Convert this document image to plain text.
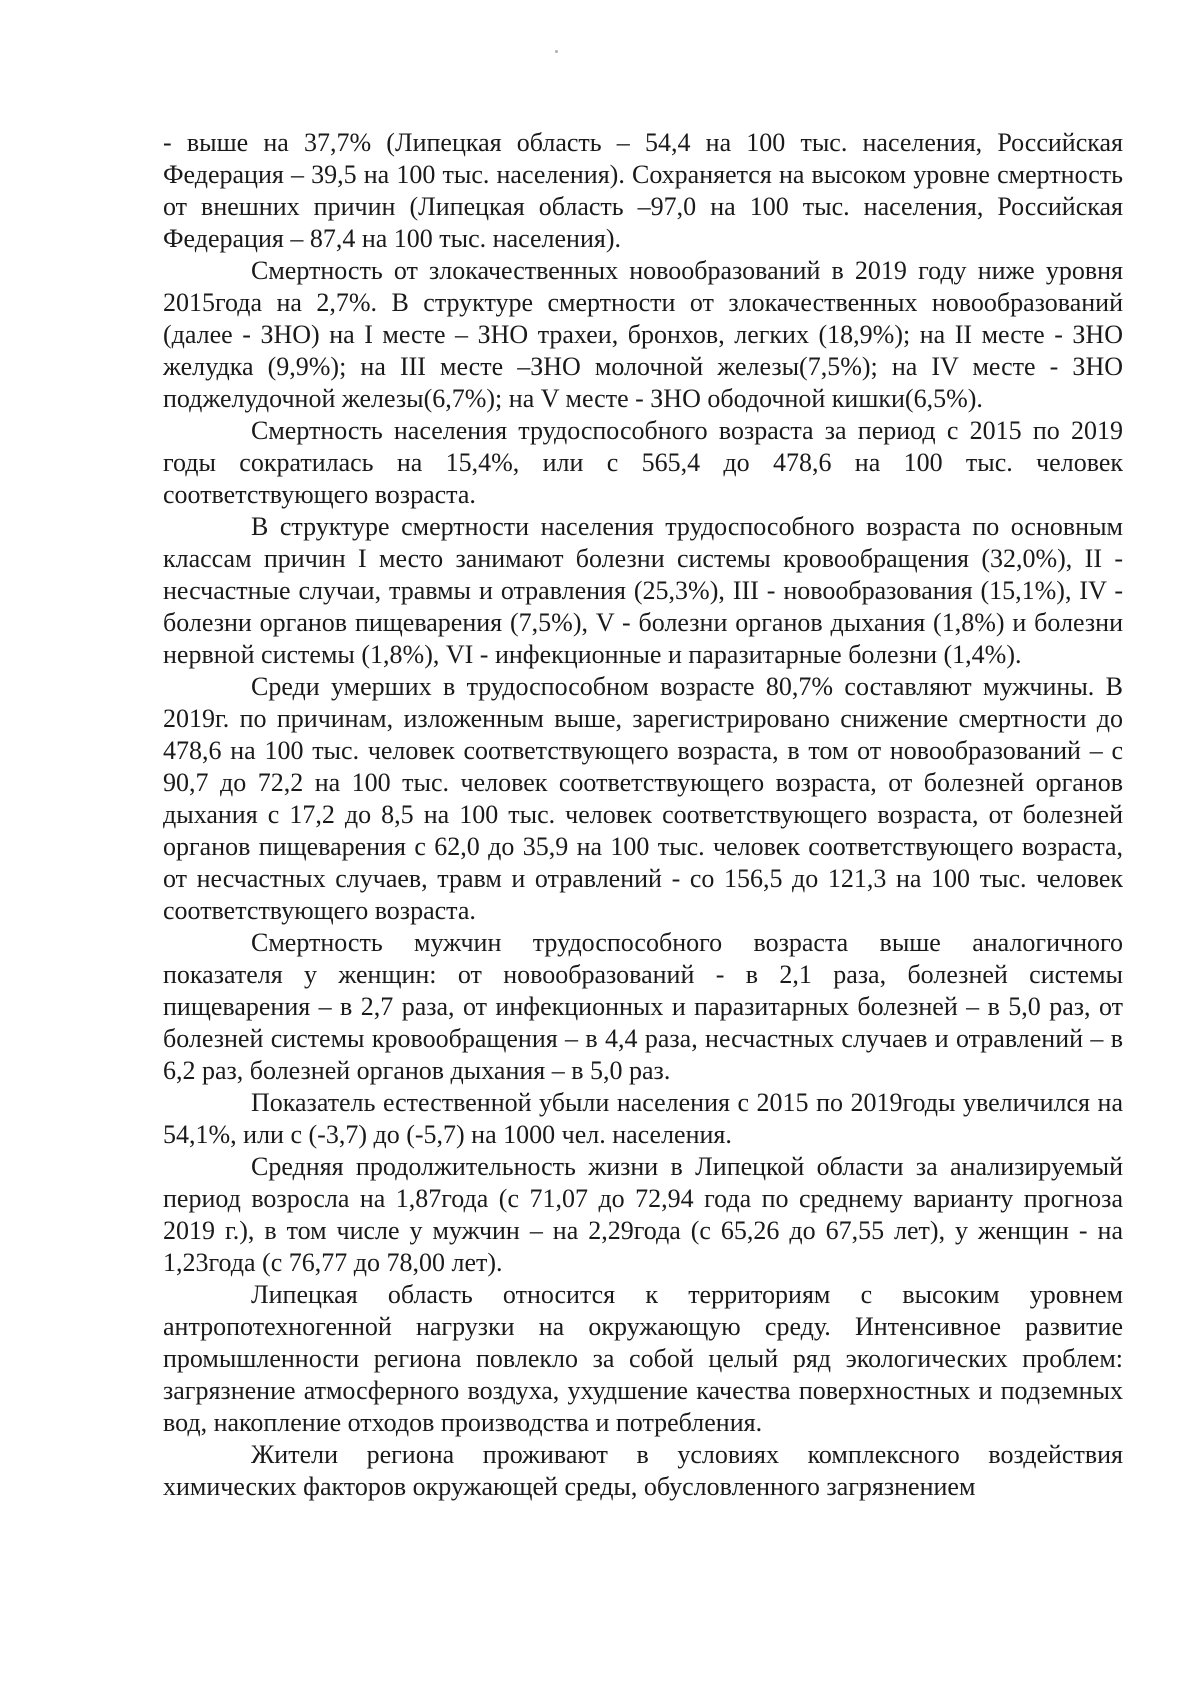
- выше на 37,7% (Липецкая область – 54,4 на 100 тыс. населения, Российская Федерация – 39,5 на 100 тыс. населения). Сохраняется на высоком уровне смертность от внешних причин (Липецкая область –97,0 на 100 тыс. населения, Российская Федерация – 87,4 на 100 тыс. населения).

Смертность от злокачественных новообразований в 2019 году ниже уровня 2015года на 2,7%. В структуре смертности от злокачественных новообразований (далее - ЗНО) на I месте – ЗНО трахеи, бронхов, легких (18,9%); на II месте - ЗНО желудка (9,9%); на III месте –ЗНО молочной железы(7,5%); на IV месте - ЗНО поджелудочной железы(6,7%); на V месте - ЗНО ободочной кишки(6,5%).

Смертность населения трудоспособного возраста за период с 2015 по 2019 годы сократилась на 15,4%, или с 565,4 до 478,6 на 100 тыс. человек соответствующего возраста.

В структуре смертности населения трудоспособного возраста по основным классам причин I место занимают болезни системы кровообращения (32,0%), II - несчастные случаи, травмы и отравления (25,3%), III - новообразования (15,1%), IV - болезни органов пищеварения (7,5%), V - болезни органов дыхания (1,8%) и болезни нервной системы (1,8%), VI - инфекционные и паразитарные болезни (1,4%).

Среди умерших в трудоспособном возрасте 80,7% составляют мужчины. В 2019г. по причинам, изложенным выше, зарегистрировано снижение смертности до 478,6 на 100 тыс. человек соответствующего возраста, в том от новообразований – с 90,7 до 72,2 на 100 тыс. человек соответствующего возраста, от болезней органов дыхания с 17,2 до 8,5 на 100 тыс. человек соответствующего возраста, от болезней органов пищеварения с 62,0 до 35,9 на 100 тыс. человек соответствующего возраста, от несчастных случаев, травм и отравлений - со 156,5 до 121,3 на 100 тыс. человек соответствующего возраста.

Смертность мужчин трудоспособного возраста выше аналогичного показателя у женщин: от новообразований - в 2,1 раза, болезней системы пищеварения – в 2,7 раза, от инфекционных и паразитарных болезней – в 5,0 раз, от болезней системы кровообращения – в 4,4 раза, несчастных случаев и отравлений – в 6,2 раз, болезней органов дыхания – в 5,0 раз.

Показатель естественной убыли населения с 2015 по 2019годы увеличился на 54,1%, или с (-3,7) до (-5,7) на 1000 чел. населения.

Средняя продолжительность жизни в Липецкой области за анализируемый период возросла на 1,87года (с 71,07 до 72,94 года по среднему варианту прогноза 2019 г.), в том числе у мужчин – на 2,29года (с 65,26 до 67,55 лет), у женщин - на 1,23года (с 76,77 до 78,00 лет).

Липецкая область относится к территориям с высоким уровнем антропотехногенной нагрузки на окружающую среду. Интенсивное развитие промышленности региона повлекло за собой целый ряд экологических проблем: загрязнение атмосферного воздуха, ухудшение качества поверхностных и подземных вод, накопление отходов производства и потребления.

Жители региона проживают в условиях комплексного воздействия химических факторов окружающей среды, обусловленного загрязнением
